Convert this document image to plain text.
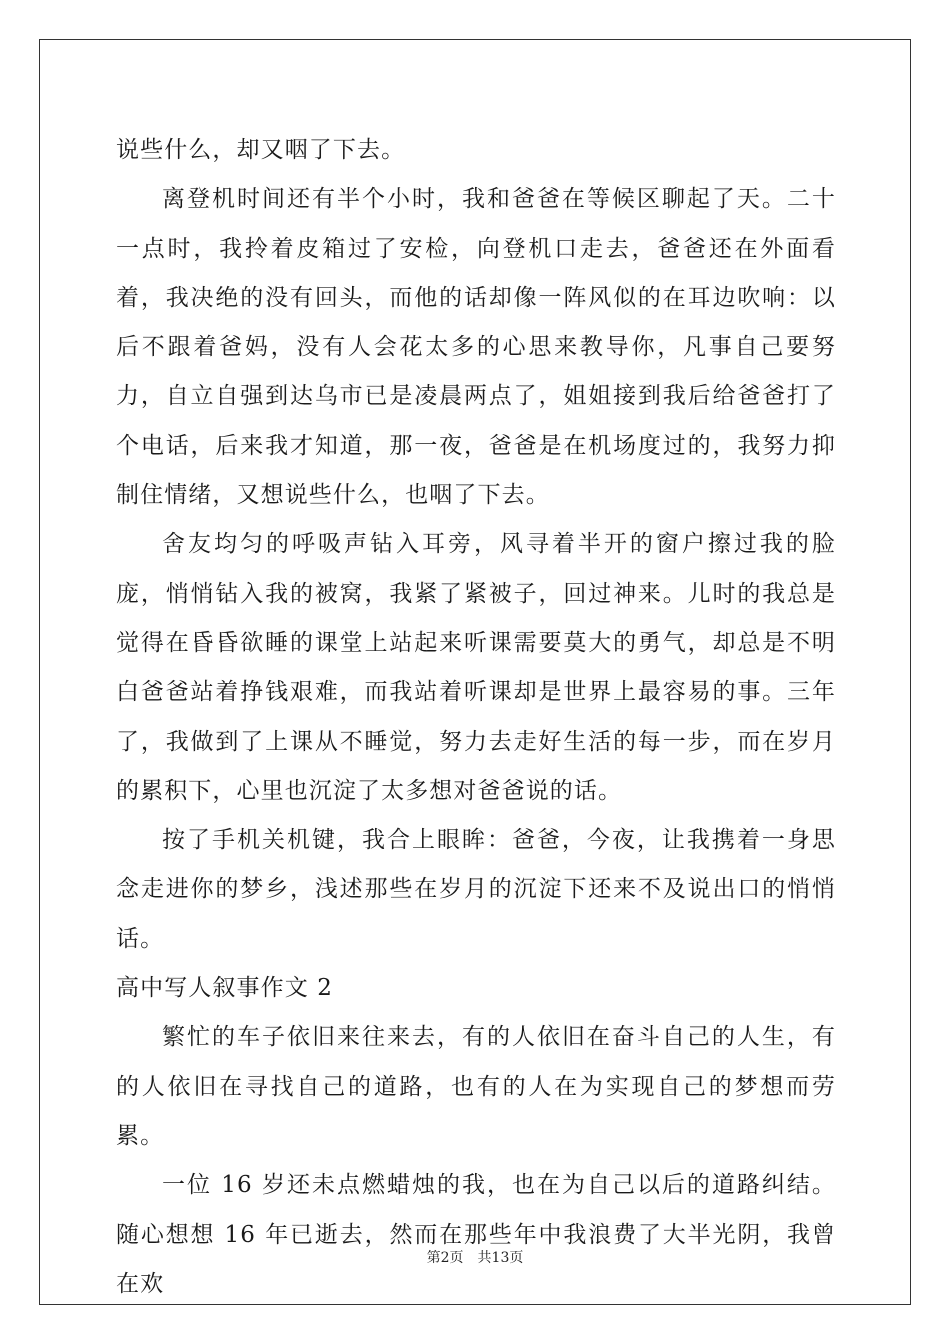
说些什么，却又咽了下去。

离登机时间还有半个小时，我和爸爸在等候区聊起了天。二十一点时，我拎着皮箱过了安检，向登机口走去，爸爸还在外面看着，我决绝的没有回头，而他的话却像一阵风似的在耳边吹响：以后不跟着爸妈，没有人会花太多的心思来教导你，凡事自己要努力，自立自强到达乌市已是凌晨两点了，姐姐接到我后给爸爸打了个电话，后来我才知道，那一夜，爸爸是在机场度过的，我努力抑制住情绪，又想说些什么，也咽了下去。

舍友均匀的呼吸声钻入耳旁，风寻着半开的窗户擦过我的脸庞，悄悄钻入我的被窝，我紧了紧被子，回过神来。儿时的我总是觉得在昏昏欲睡的课堂上站起来听课需要莫大的勇气，却总是不明白爸爸站着挣钱艰难，而我站着听课却是世界上最容易的事。三年了，我做到了上课从不睡觉，努力去走好生活的每一步，而在岁月的累积下，心里也沉淀了太多想对爸爸说的话。

按了手机关机键，我合上眼眸：爸爸，今夜，让我携着一身思念走进你的梦乡，浅述那些在岁月的沉淀下还来不及说出口的悄悄话。

高中写人叙事作文 2

繁忙的车子依旧来往来去，有的人依旧在奋斗自己的人生，有的人依旧在寻找自己的道路，也有的人在为实现自己的梦想而劳累。

一位 16 岁还未点燃蜡烛的我，也在为自己以后的道路纠结。随心想想 16 年已逝去，然而在那些年中我浪费了大半光阴，我曾在欢

第2页 共13页
